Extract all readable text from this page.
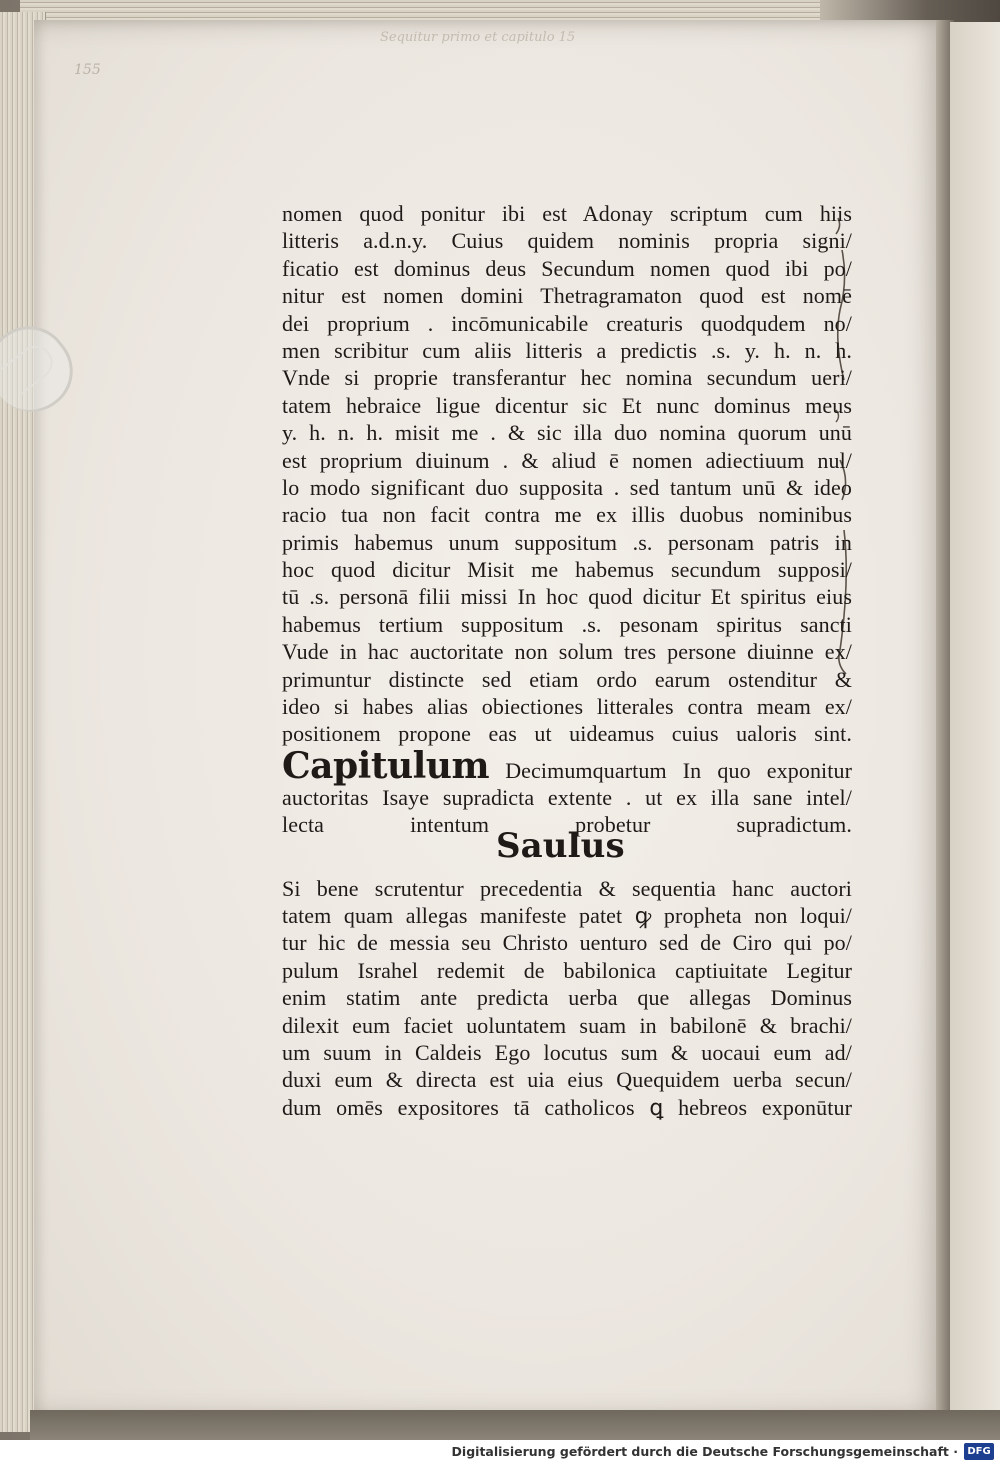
155
Sequitur primo et capitulo 15
nomen quod ponitur ibi est Adonay scriptum cum hiis
litteris a.d.n.y. Cuius quidem nominis propria signi/
ficatio est dominus deus Secundum nomen quod ibi po/
nitur est nomen domini Thetragramaton quod est nomē
dei proprium . incōmunicabile creaturis quodqudem no/
men scribitur cum aliis litteris a predictis .s. y. h. n. h.
Vnde si proprie transferantur hec nomina secundum ueri/
tatem hebraice ligue dicentur sic Et nunc dominus meus
y. h. n. h. misit me . & sic illa duo nomina quorum unū
est proprium diuinum . & aliud ē nomen adiectiuum nul/
lo modo significant duo supposita . sed tantum unū & ideo
racio tua non facit contra me ex illis duobus nominibus
primis habemus unum suppositum .s. personam patris in
hoc quod dicitur Misit me habemus secundum supposi/
tū .s. personā filii missi In hoc quod dicitur Et spiritus eius
habemus tertium suppositum .s. pesonam spiritus sancti
Vude in hac auctoritate non solum tres persone diuinne ex/
primuntur distincte sed etiam ordo earum ostenditur &
ideo si habes alias obiectiones litterales contra meam ex/
positionem propone eas ut uideamus cuius ualoris sint.
Capitulum Decimumquartum In quo exponitur
auctoritas Isaye supradicta extente . ut ex illa sane intel/
lecta intentum probetur supradictum.
Saulus
Si bene scrutentur precedentia & sequentia hanc auctori
tatem quam allegas manifeste patet ꝙ propheta non loqui/
tur hic de messia seu Christo uenturo sed de Ciro qui po/
pulum Israhel redemit de babilonica captiuitate Legitur
enim statim ante predicta uerba que allegas Dominus
dilexit eum faciet uoluntatem suam in babilonē & brachi/
um suum in Caldeis Ego locutus sum & uocaui eum ad/
duxi eum & directa est uia eius Quequidem uerba secun/
dum omēs expositores tā catholicos ꝗ hebreos exponūtur
Digitalisierung gefördert durch die Deutsche Forschungsgemeinschaft · DFG
